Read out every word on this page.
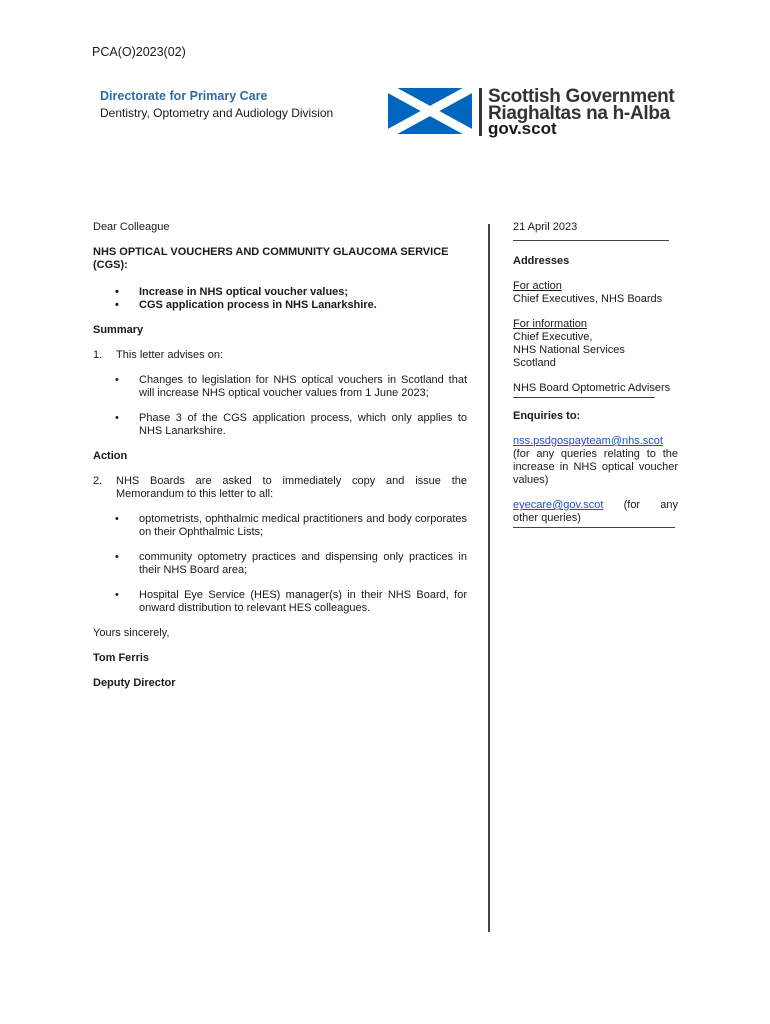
PCA(O)2023(02)
Directorate for Primary Care
Dentistry, Optometry and Audiology Division
Scottish Government
Riaghaltas na h-Alba
gov.scot

Dear Colleague

NHS OPTICAL VOUCHERS AND COMMUNITY GLAUCOMA SERVICE (CGS):

• Increase in NHS optical voucher values;
• CGS application process in NHS Lanarkshire.

Summary

1. This letter advises on:
• Changes to legislation for NHS optical vouchers in Scotland that will increase NHS optical voucher values from 1 June 2023;
• Phase 3 of the CGS application process, which only applies to NHS Lanarkshire.

Action

2. NHS Boards are asked to immediately copy and issue the Memorandum to this letter to all:
• optometrists, ophthalmic medical practitioners and body corporates on their Ophthalmic Lists;
• community optometry practices and dispensing only practices in their NHS Board area;
• Hospital Eye Service (HES) manager(s) in their NHS Board, for onward distribution to relevant HES colleagues.

Yours sincerely,

Tom Ferris

Deputy Director

21 April 2023

Addresses

For action

Chief Executives, NHS Boards

For information

Chief Executive,

NHS National Services

Scotland

NHS Board Optometric Advisers

Enquiries to:

nss.psdgospayteam@nhs.scot

(for any queries relating to the increase in NHS optical voucher values)

eyecare@gov.scot (for any

other queries)
